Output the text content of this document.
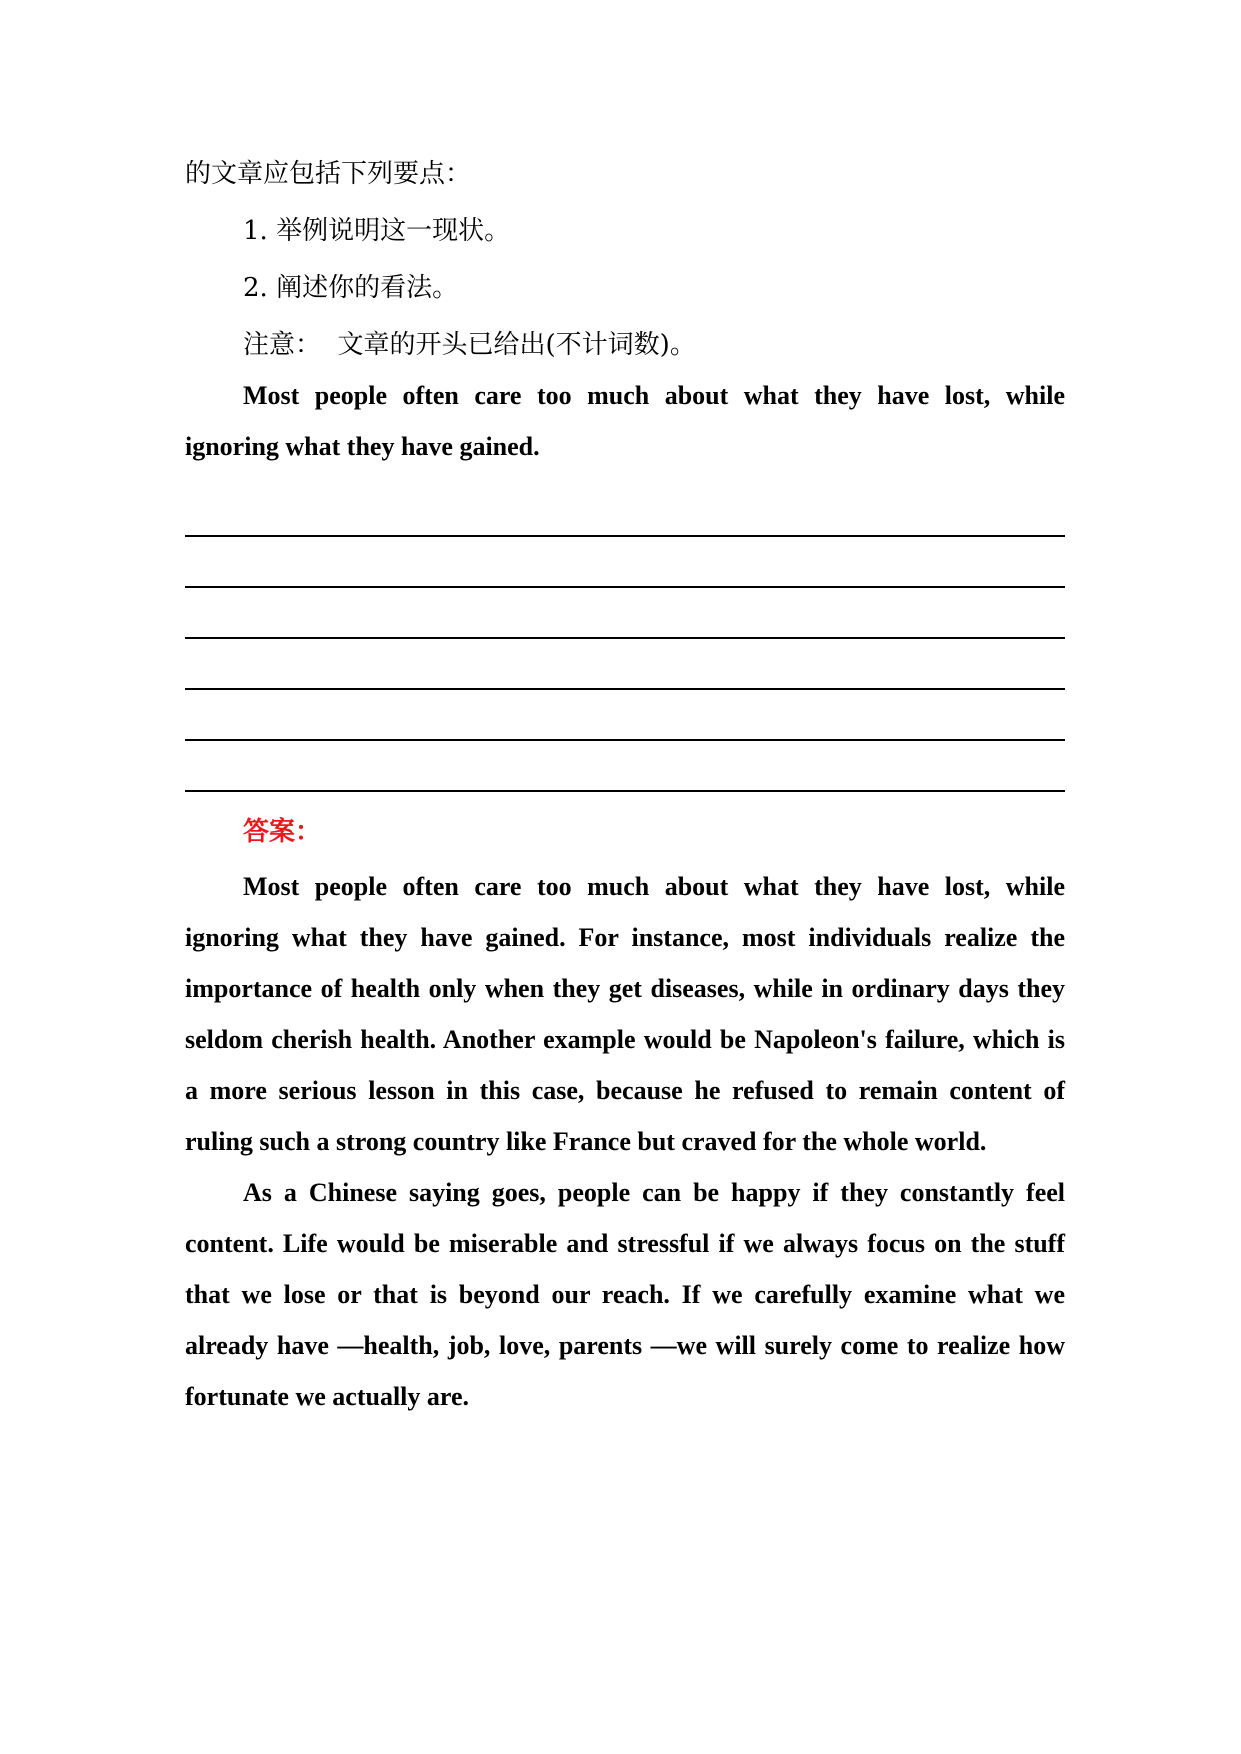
的文章应包括下列要点：
1. 举例说明这一现状。
2. 阐述你的看法。
注意：  文章的开头已给出(不计词数)。

Most people often care too much about what they have lost, while ignoring what they have gained.

答案：

Most people often care too much about what they have lost, while ignoring what they have gained. For instance, most individuals realize the importance of health only when they get diseases, while in ordinary days they seldom cherish health. Another example would be Napoleon's failure, which is a more serious lesson in this case, because he refused to remain content of ruling such a strong country like France but craved for the whole world.

As a Chinese saying goes, people can be happy if they constantly feel content. Life would be miserable and stressful if we always focus on the stuff that we lose or that is beyond our reach. If we carefully examine what we already have —health, job, love, parents —we will surely come to realize how fortunate we actually are.
